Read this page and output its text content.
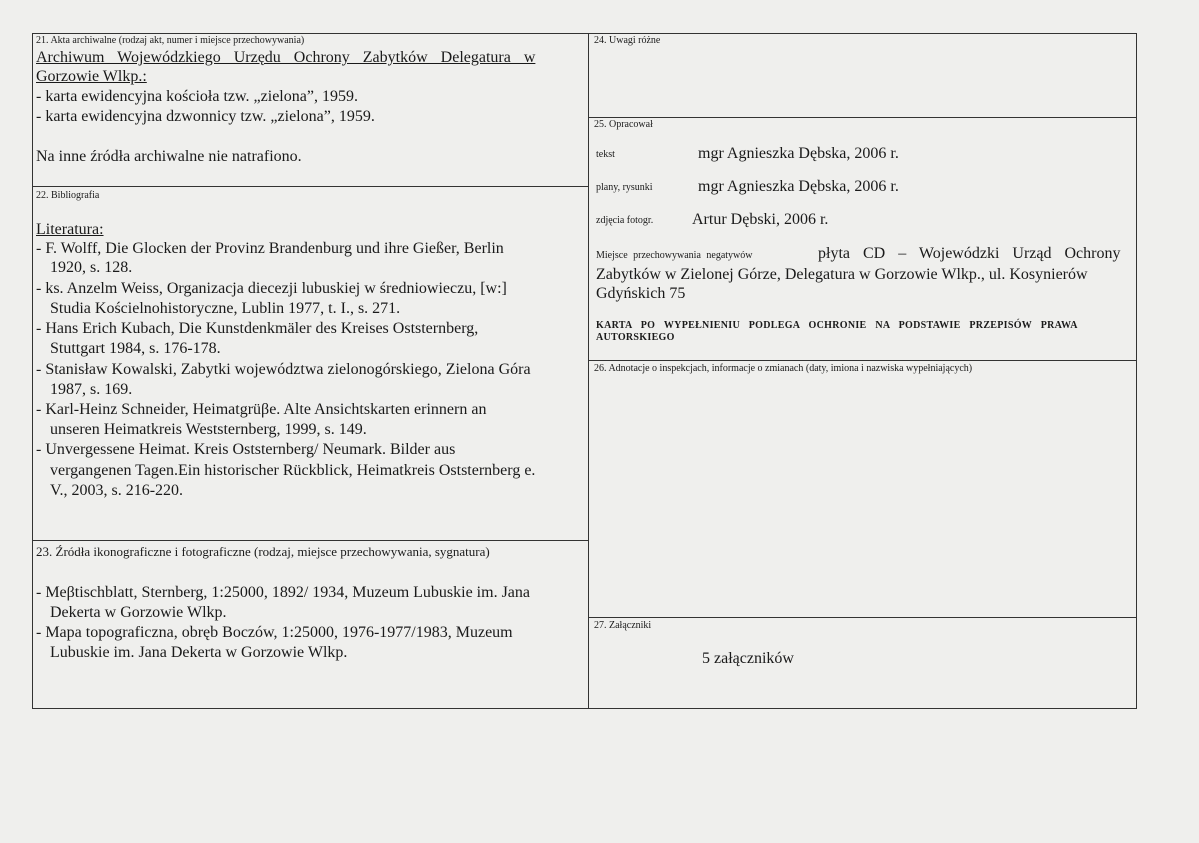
21. Akta archiwalne (rodzaj akt, numer i miejsce przechowywania)
Archiwum Wojewódzkiego Urzędu Ochrony Zabytków Delegatura w
Gorzowie Wlkp.:
- karta ewidencyjna kościoła tzw. „zielona”, 1959.
- karta ewidencyjna dzwonnicy tzw. „zielona”, 1959.
Na inne źródła archiwalne nie natrafiono.
22. Bibliografia
Literatura:
- F. Wolff, Die Glocken der Provinz Brandenburg und ihre Gießer, Berlin
1920, s. 128.
- ks. Anzelm Weiss, Organizacja diecezji lubuskiej w średniowieczu, [w:]
Studia Kościelnohistoryczne, Lublin 1977, t. I., s. 271.
- Hans Erich Kubach, Die Kunstdenkmäler des Kreises Oststernberg,
Stuttgart 1984, s. 176-178.
- Stanisław Kowalski, Zabytki województwa zielonogórskiego, Zielona Góra
1987, s. 169.
- Karl-Heinz Schneider, Heimatgrüβe. Alte Ansichtskarten erinnern an
unseren Heimatkreis Weststernberg, 1999, s. 149.
- Unvergessene Heimat. Kreis Oststernberg/ Neumark. Bilder aus
vergangenen Tagen.Ein historischer Rückblick, Heimatkreis Oststernberg e.
V., 2003, s. 216-220.
23. Źródła ikonograficzne i fotograficzne (rodzaj, miejsce przechowywania, sygnatura)
- Meβtischblatt, Sternberg, 1:25000, 1892/ 1934, Muzeum Lubuskie im. Jana
Dekerta w Gorzowie Wlkp.
- Mapa topograficzna, obręb Boczów, 1:25000, 1976-1977/1983, Muzeum
Lubuskie im. Jana Dekerta w Gorzowie Wlkp.
24. Uwagi różne
25. Opracował
tekst	mgr Agnieszka Dębska, 2006 r.
plany, rysunki	mgr Agnieszka Dębska, 2006 r.
zdjęcia fotogr. Artur Dębski, 2006 r.
Miejsce przechowywania negatywów	płyta CD – Wojewódzki Urząd Ochrony
Zabytków w Zielonej Górze, Delegatura w Gorzowie Wlkp., ul. Kosynierów
Gdyńskich 75
KARTA PO WYPEŁNIENIU PODLEGA OCHRONIE NA PODSTAWIE PRZEPISÓW PRAWA
AUTORSKIEGO
26. Adnotacje o inspekcjach, informacje o zmianach (daty, imiona i nazwiska wypełniających)
27. Załączniki
5 załączników
